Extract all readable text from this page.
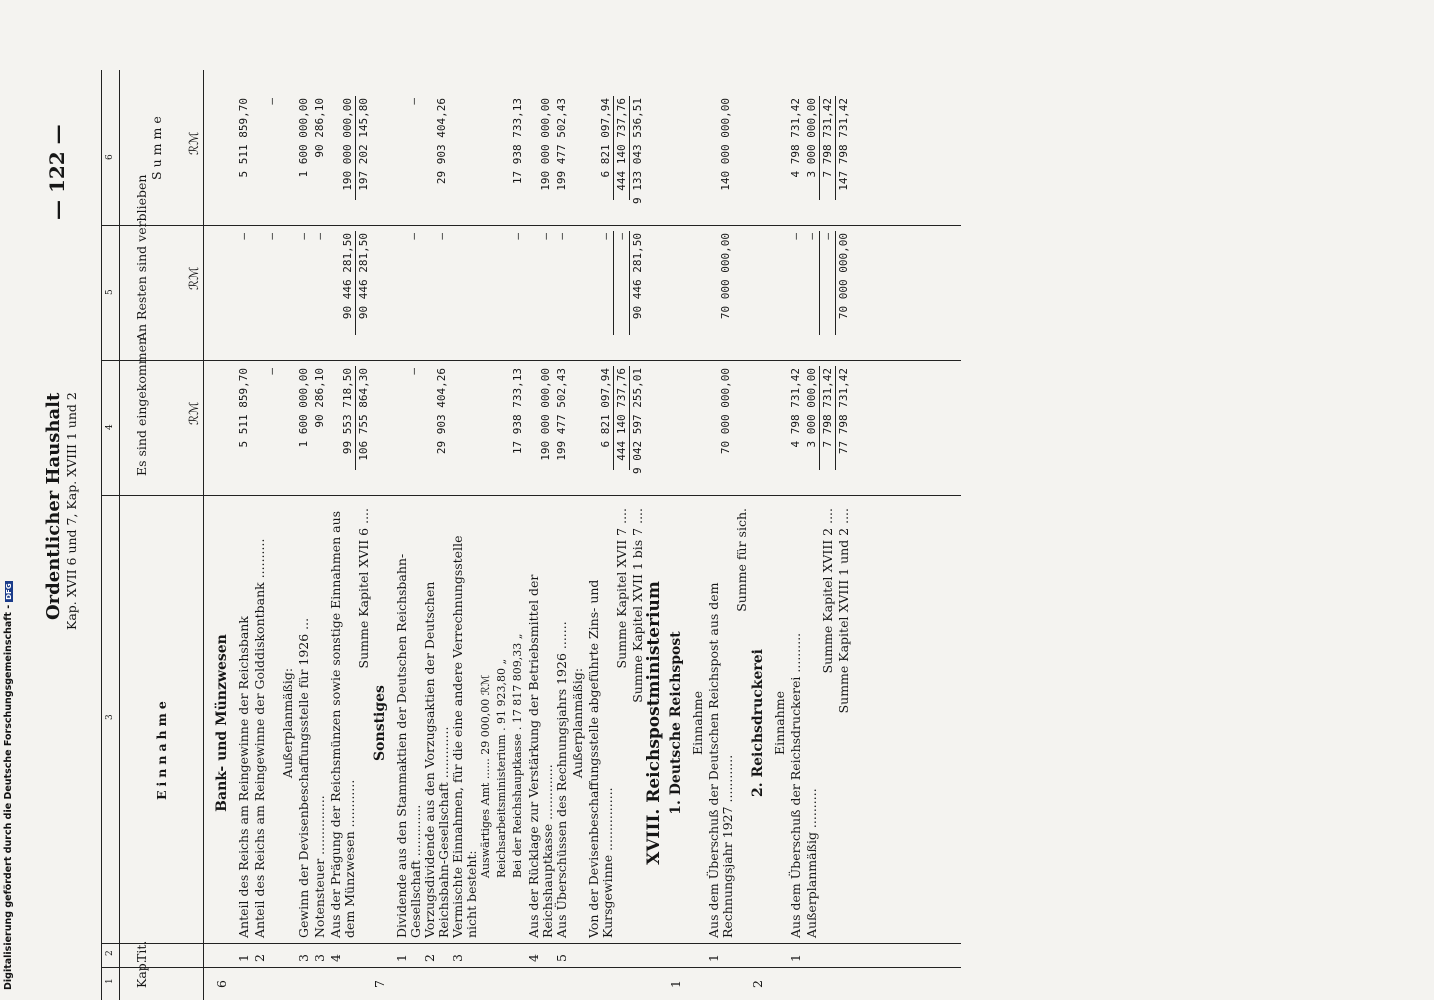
Ordentlicher Haushalt Kap. XVII 6 und 7, Kap. XVIII 1 und 2
— 122 —
1
2
3
4
5
6
Kap.
Tit.
Einnahme
Es sind eingekommen
An Resten sind verblieben
Summe
ℛℳ
ℛℳ
ℛℳ
6
Bank- und Münzwesen
1
Anteil des Reichs am Reingewinne der Reichsbank
5 511 859,70
—
5 511 859,70
2
Anteil des Reichs am Reingewinne der Golddiskontbank ..........
—
—
—
Außerplanmäßig:
3
Gewinn der Devisenbeschaffungsstelle für 1926 ...
1 600 000,00
—
1 600 000,00
3
Notensteuer ...............
90 286,10
—
90 286,10
4
Aus der Prägung der Reichsmünzen sowie sonstige Einnahmen aus dem Münzwesen ............
99 553 718,50
90 446 281,50
190 000 000,00
Summe Kapitel XVII 6 ....
106 755 864,30
90 446 281,50
197 202 145,80
7
Sonstiges
1
Dividende aus den Stammaktien der Deutschen Reichsbahn-Gesellschaft .............
—
—
—
2
Vorzugsdividende aus den Vorzugsaktien der Deutschen Reichsbahn-Gesellschaft .............
29 903 404,26
—
29 903 404,26
3
Vermischte Einnahmen, für die eine andere Verrechnungsstelle nicht besteht:
Auswärtiges Amt ...... 29 000,00 ℛℳ Reichsarbeitsministerium . 91 923,80 „ Bei der Reichshauptkasse . 17 817 809,33 „
17 938 733,13
—
17 938 733,13
4
Aus der Rücklage zur Verstärkung der Betriebsmittel der Reichshauptkasse ..............
190 000 000,00
—
190 000 000,00
5
Aus Überschüssen des Rechnungsjahrs 1926 .......
199 477 502,43
—
199 477 502,43
Außerplanmäßig: Von der Devisenbeschaffungsstelle abgeführte Zins- und Kursgewinne ................
6 821 097,94
—
6 821 097,94
Summe Kapitel XVII 7 ....
444 140 737,76
—
444 140 737,76
Summe Kapitel XVII 1 bis 7 ....
9 042 597 255,01
90 446 281,50
9 133 043 536,51
XVIII. Reichspostministerium
1
1. Deutsche Reichspost Einnahme
1
Aus dem Überschuß der Deutschen Reichspost aus dem Rechnungsjahr 1927 ............
70 000 000,00
70 000 000,00
140 000 000,00
Summe für sich.
2
2. Reichsdruckerei Einnahme
1
Aus dem Überschuß der Reichsdruckerei ..........
4 798 731,42
—
4 798 731,42
Außerplanmäßig ..........
3 000 000,00
—
3 000 000,00
Summe Kapitel XVIII 2 ....
7 798 731,42
—
7 798 731,42
Summe Kapitel XVIII 1 und 2 ....
77 798 731,42
70 000 000,00
147 798 731,42
Digitalisierung gefördert durch die Deutsche Forschungsgemeinschaft -DFG
